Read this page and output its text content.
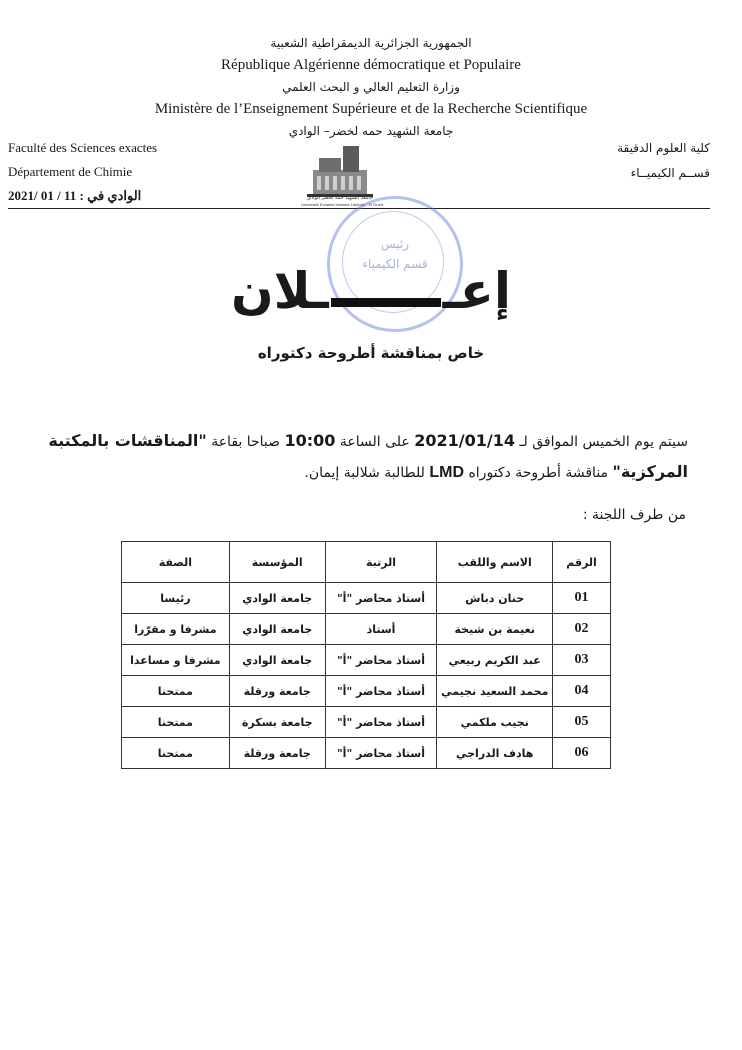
الجمهورية الجزائرية الديمقراطية الشعبية
République Algérienne démocratique et Populaire
وزارة التعليم العالي و البحث العلمي
Ministère de l’Enseignement Supérieure et de la Recherche Scientifique
جامعة الشهيد حمه لخضر– الوادي
Faculté des Sciences exactes
Département de Chimie
الوادي في : 11 / 01 /2021
كلية العلوم الدقيقة
قســم الكيميــاء
جامعة الشهيد حمه لخضر الوادي
Université Echahid Hamma Lakhdar - El Oued
رئيس
قسم الكيمياء إعــلان
خاص بمناقشة أطروحة دكتوراه
سيتم يوم الخميس الموافق لـ 2021/01/14 على الساعة 10:00 صباحا بقاعة "المناقشات بالمكتبة المركزية" مناقشة أطروحة دكتوراه LMD للطالبة شلالبة إيمان.
من طرف اللجنة :
الرقم	الاسم واللقب	الرتبة	المؤسسة	الصفة
01	حنان دباش	أستاذ محاضر "أ"	جامعة الوادي	رئيسا
02	نعيمة بن شيخة	أستاذ	جامعة الوادي	مشرفا و مقرّرا
03	عبد الكريم ربيعي	أستاذ محاضر "أ"	جامعة الوادي	مشرفا و مساعدا
04	محمد السعيد نجيمي	أستاذ محاضر "أ"	جامعة ورقلة	ممتحنا
05	نجيب ملكمي	أستاذ محاضر "أ"	جامعة بسكرة	ممتحنا
06	هادف الدراجي	أستاذ محاضر "أ"	جامعة ورقلة	ممتحنا
